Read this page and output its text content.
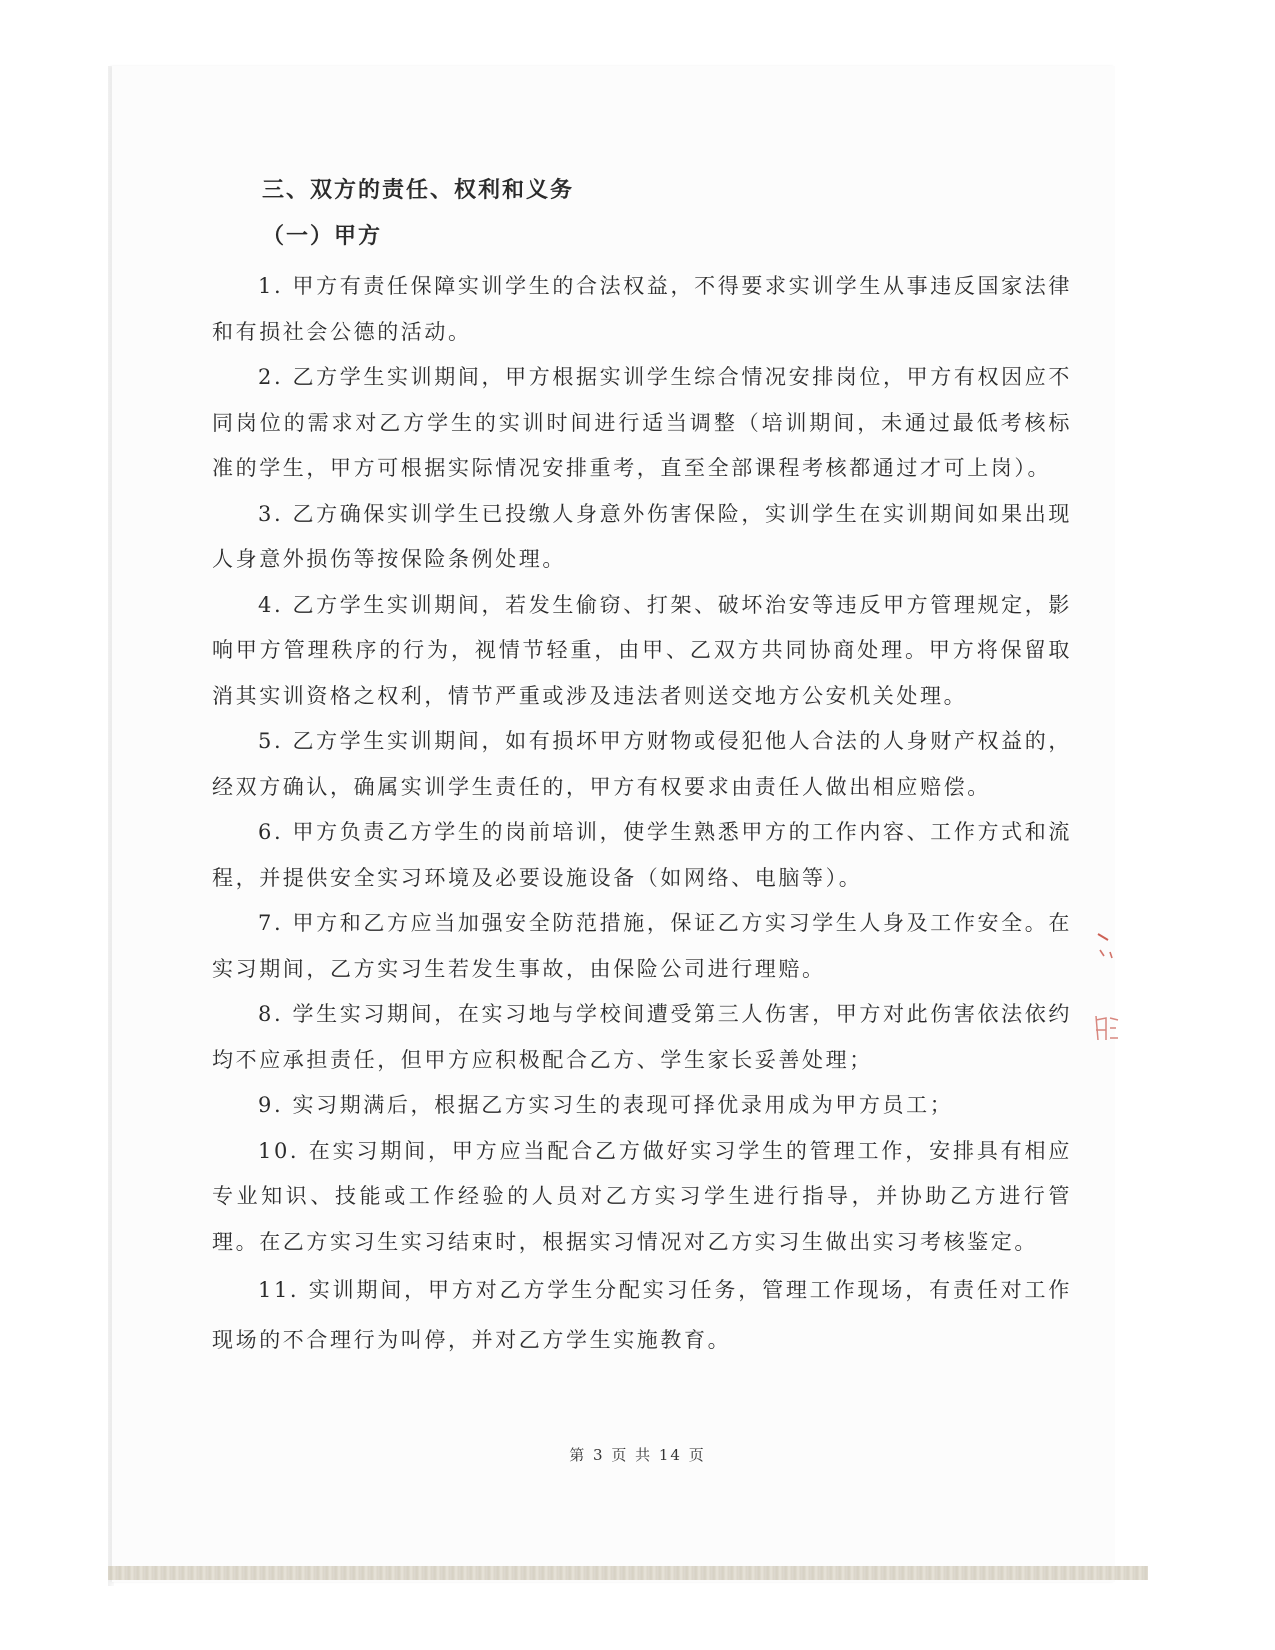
三、双方的责任、权利和义务
（一）甲方

1. 甲方有责任保障实训学生的合法权益，不得要求实训学生从事违反国家法律和有损社会公德的活动。

2. 乙方学生实训期间，甲方根据实训学生综合情况安排岗位，甲方有权因应不同岗位的需求对乙方学生的实训时间进行适当调整（培训期间，未通过最低考核标准的学生，甲方可根据实际情况安排重考，直至全部课程考核都通过才可上岗）。

3. 乙方确保实训学生已投缴人身意外伤害保险，实训学生在实训期间如果出现人身意外损伤等按保险条例处理。

4. 乙方学生实训期间，若发生偷窃、打架、破坏治安等违反甲方管理规定，影响甲方管理秩序的行为，视情节轻重，由甲、乙双方共同协商处理。甲方将保留取消其实训资格之权利，情节严重或涉及违法者则送交地方公安机关处理。

5. 乙方学生实训期间，如有损坏甲方财物或侵犯他人合法的人身财产权益的，经双方确认，确属实训学生责任的，甲方有权要求由责任人做出相应赔偿。

6. 甲方负责乙方学生的岗前培训，使学生熟悉甲方的工作内容、工作方式和流程，并提供安全实习环境及必要设施设备（如网络、电脑等）。

7. 甲方和乙方应当加强安全防范措施，保证乙方实习学生人身及工作安全。在实习期间，乙方实习生若发生事故，由保险公司进行理赔。

8. 学生实习期间，在实习地与学校间遭受第三人伤害，甲方对此伤害依法依约均不应承担责任，但甲方应积极配合乙方、学生家长妥善处理；

9. 实习期满后，根据乙方实习生的表现可择优录用成为甲方员工；

10. 在实习期间，甲方应当配合乙方做好实习学生的管理工作，安排具有相应专业知识、技能或工作经验的人员对乙方实习学生进行指导，并协助乙方进行管理。在乙方实习生实习结束时，根据实习情况对乙方实习生做出实习考核鉴定。

11. 实训期间，甲方对乙方学生分配实习任务，管理工作现场，有责任对工作现场的不合理行为叫停，并对乙方学生实施教育。

第 3 页 共 14 页
